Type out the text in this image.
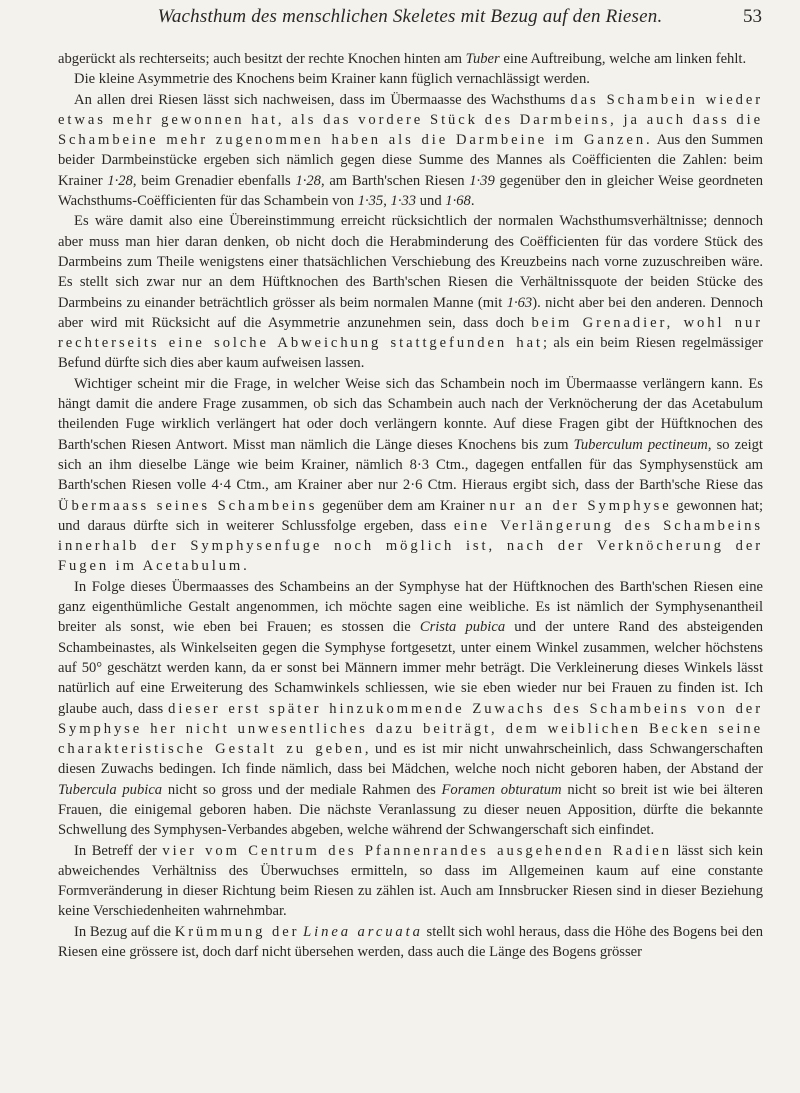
Wachsthum des menschlichen Skeletes mit Bezug auf den Riesen.	53

abgerückt als rechterseits; auch besitzt der rechte Knochen hinten am Tuber eine Auftreibung, welche am linken fehlt.

Die kleine Asymmetrie des Knochens beim Krainer kann füglich vernachlässigt werden.

An allen drei Riesen lässt sich nachweisen, dass im Übermaasse des Wachsthums das Schambein wieder etwas mehr gewonnen hat, als das vordere Stück des Darmbeins, ja auch dass die Schambeine mehr zugenommen haben als die Darmbeine im Ganzen. Aus den Summen beider Darmbeinstücke ergeben sich nämlich gegen diese Summe des Mannes als Coëfficienten die Zahlen: beim Krainer 1·28, beim Grenadier ebenfalls 1·28, am Barth'schen Riesen 1·39 gegenüber den in gleicher Weise geordneten Wachsthums-Coëfficienten für das Schambein von 1·35, 1·33 und 1·68.

Es wäre damit also eine Übereinstimmung erreicht rücksichtlich der normalen Wachsthumsverhältnisse; dennoch aber muss man hier daran denken, ob nicht doch die Herabminderung des Coëfficienten für das vordere Stück des Darmbeins zum Theile wenigstens einer thatsächlichen Verschiebung des Kreuzbeins nach vorne zuzuschreiben wäre. Es stellt sich zwar nur an dem Hüftknochen des Barth'schen Riesen die Verhältnissquote der beiden Stücke des Darmbeins zu einander beträchtlich grösser als beim normalen Manne (mit 1·63). nicht aber bei den anderen. Dennoch aber wird mit Rücksicht auf die Asymmetrie anzunehmen sein, dass doch beim Grenadier, wohl nur rechterseits eine solche Abweichung stattgefunden hat; als ein beim Riesen regelmässiger Befund dürfte sich dies aber kaum aufweisen lassen.

Wichtiger scheint mir die Frage, in welcher Weise sich das Schambein noch im Übermaasse verlängern kann. Es hängt damit die andere Frage zusammen, ob sich das Schambein auch nach der Verknöcherung der das Acetabulum theilenden Fuge wirklich verlängert hat oder doch verlängern konnte. Auf diese Fragen gibt der Hüftknochen des Barth'schen Riesen Antwort. Misst man nämlich die Länge dieses Knochens bis zum Tuberculum pectineum, so zeigt sich an ihm dieselbe Länge wie beim Krainer, nämlich 8·3 Ctm., dagegen entfallen für das Symphysenstück am Barth'schen Riesen volle 4·4 Ctm., am Krainer aber nur 2·6 Ctm. Hieraus ergibt sich, dass der Barth'sche Riese das Übermaass seines Schambeins gegenüber dem am Krainer nur an der Symphyse gewonnen hat; und daraus dürfte sich in weiterer Schlussfolge ergeben, dass eine Verlängerung des Schambeins innerhalb der Symphysenfuge noch möglich ist, nach der Verknöcherung der Fugen im Acetabulum.

In Folge dieses Übermaasses des Schambeins an der Symphyse hat der Hüftknochen des Barth'schen Riesen eine ganz eigenthümliche Gestalt angenommen, ich möchte sagen eine weibliche. Es ist nämlich der Symphysenantheil breiter als sonst, wie eben bei Frauen; es stossen die Crista pubica und der untere Rand des absteigenden Schambeinastes, als Winkelseiten gegen die Symphyse fortgesetzt, unter einem Winkel zusammen, welcher höchstens auf 50° geschätzt werden kann, da er sonst bei Männern immer mehr beträgt. Die Verkleinerung dieses Winkels lässt natürlich auf eine Erweiterung des Schamwinkels schliessen, wie sie eben wieder nur bei Frauen zu finden ist. Ich glaube auch, dass dieser erst später hinzukommende Zuwachs des Schambeins von der Symphyse her nicht unwesentliches dazu beiträgt, dem weiblichen Becken seine charakteristische Gestalt zu geben, und es ist mir nicht unwahrscheinlich, dass Schwangerschaften diesen Zuwachs bedingen. Ich finde nämlich, dass bei Mädchen, welche noch nicht geboren haben, der Abstand der Tubercula pubica nicht so gross und der mediale Rahmen des Foramen obturatum nicht so breit ist wie bei älteren Frauen, die einigemal geboren haben. Die nächste Veranlassung zu dieser neuen Apposition, dürfte die bekannte Schwellung des Symphysen-Verbandes abgeben, welche während der Schwangerschaft sich einfindet.

In Betreff der vier vom Centrum des Pfannenrandes ausgehenden Radien lässt sich kein abweichendes Verhältniss des Überwuchses ermitteln, so dass im Allgemeinen kaum auf eine constante Formveränderung in dieser Richtung beim Riesen zu zählen ist. Auch am Innsbrucker Riesen sind in dieser Beziehung keine Verschiedenheiten wahrnehmbar.

In Bezug auf die Krümmung der Linea arcuata stellt sich wohl heraus, dass die Höhe des Bogens bei den Riesen eine grössere ist, doch darf nicht übersehen werden, dass auch die Länge des Bogens grösser
